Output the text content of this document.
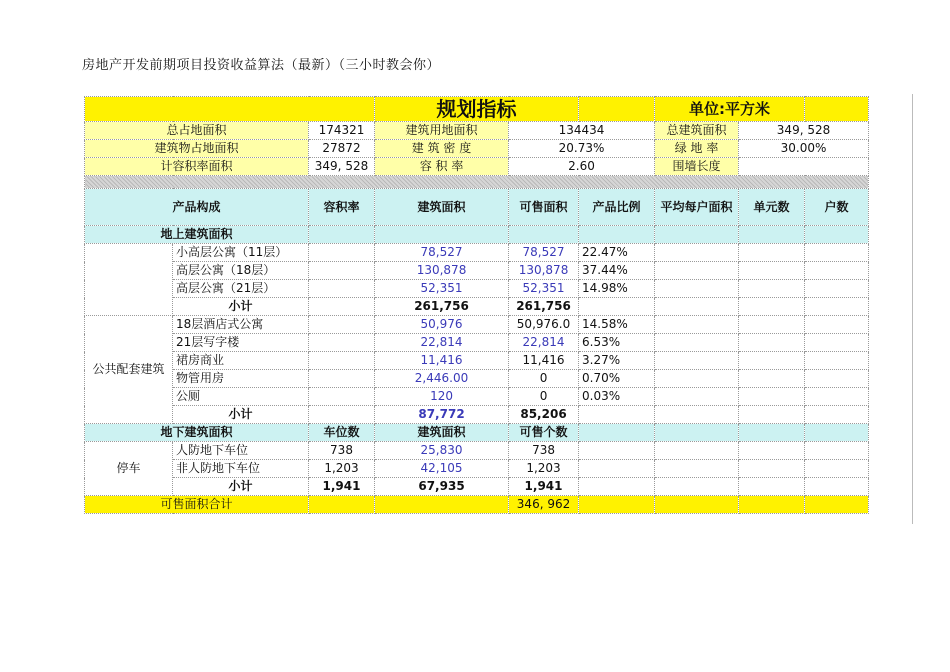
房地产开发前期项目投资收益算法（最新）（三小时教会你）
			规划指标			单位:平方米		
总占地面积		174321	建筑用地面积	134434		总建筑面积	349, 528	
建筑物占地面积		27872	建 筑 密 度	20.73%		绿 地 率	30.00%	
计容积率面积		349, 528	容 积 率	2.60		围墙长度		

产品构成		容积率	建筑面积	可售面积	产品比例	平均每户面积	单元数	户数
地上建筑面积								
	小高层公寓（11层）		78,527	78,527	22.47%			
	高层公寓（18层）		130,878	130,878	37.44%			
	高层公寓（21层）		52,351	52,351	14.98%			
	小计		261,756	261,756				
公共配套建筑	18层酒店式公寓		50,976	50,976.0	14.58%			
	21层写字楼		22,814	22,814	6.53%			
	裙房商业		11,416	11,416	3.27%			
	物管用房		2,446.00	0	0.70%			
	公厕		120	0	0.03%			
	小计		87,772	85,206				
地下建筑面积		车位数	建筑面积	可售个数				
停车	人防地下车位	738	25,830	738				
	非人防地下车位	1,203	42,105	1,203				
	小计	1,941	67,935	1,941				
可售面积合计				346, 962				
